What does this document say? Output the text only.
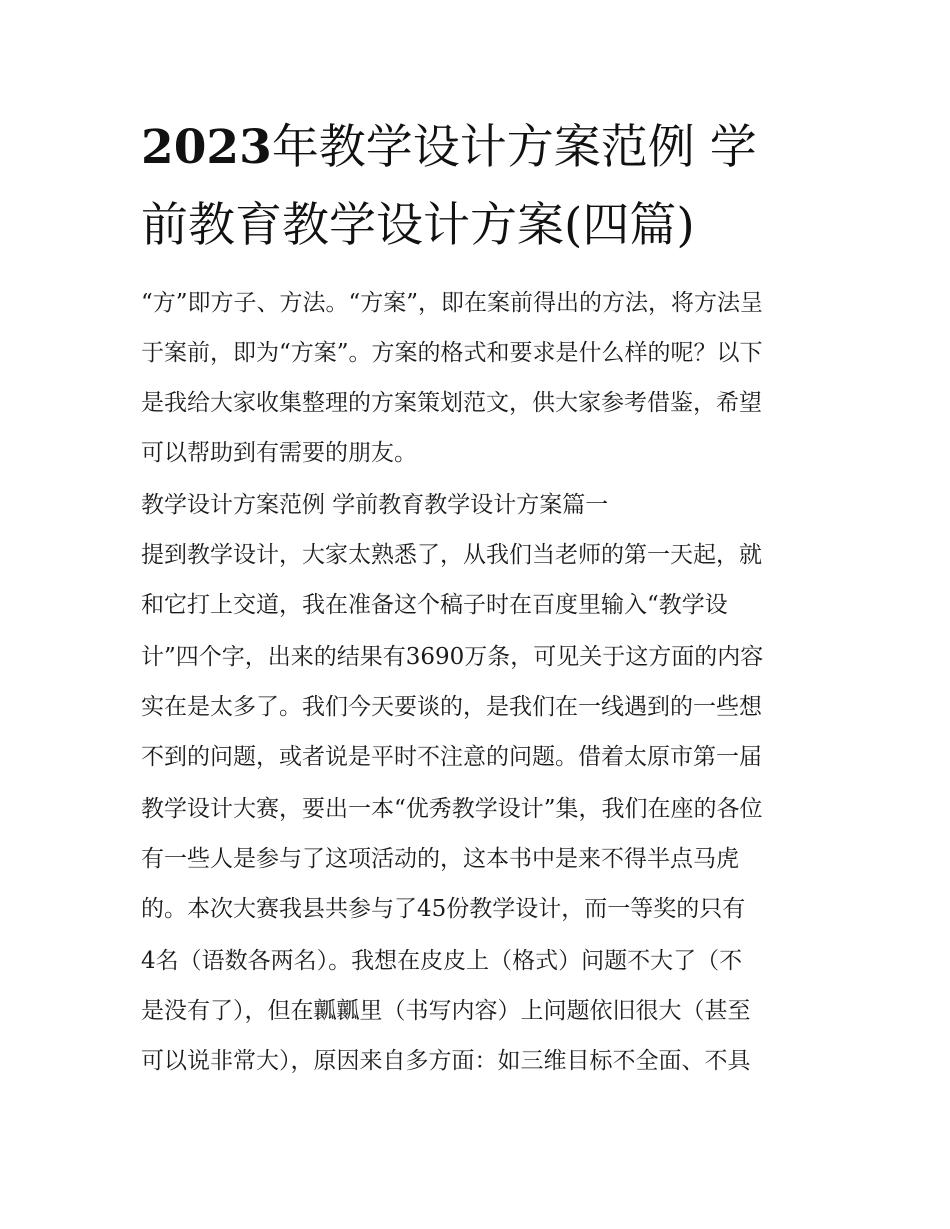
2023年教学设计方案范例 学
前教育教学设计方案(四篇)
“方”即方子、方法。“方案”，即在案前得出的方法，将方法呈
于案前，即为“方案”。方案的格式和要求是什么样的呢？以下
是我给大家收集整理的方案策划范文，供大家参考借鉴，希望
可以帮助到有需要的朋友。
教学设计方案范例 学前教育教学设计方案篇一
提到教学设计，大家太熟悉了，从我们当老师的第一天起，就
和它打上交道，我在准备这个稿子时在百度里输入“教学设
计”四个字，出来的结果有3690万条，可见关于这方面的内容
实在是太多了。我们今天要谈的，是我们在一线遇到的一些想
不到的问题，或者说是平时不注意的问题。借着太原市第一届
教学设计大赛，要出一本“优秀教学设计”集，我们在座的各位
有一些人是参与了这项活动的，这本书中是来不得半点马虎
的。本次大赛我县共参与了45份教学设计，而一等奖的只有
4名（语数各两名）。我想在皮皮上（格式）问题不大了（不
是没有了），但在瓤瓤里（书写内容）上问题依旧很大（甚至
可以说非常大），原因来自多方面：如三维目标不全面、不具
